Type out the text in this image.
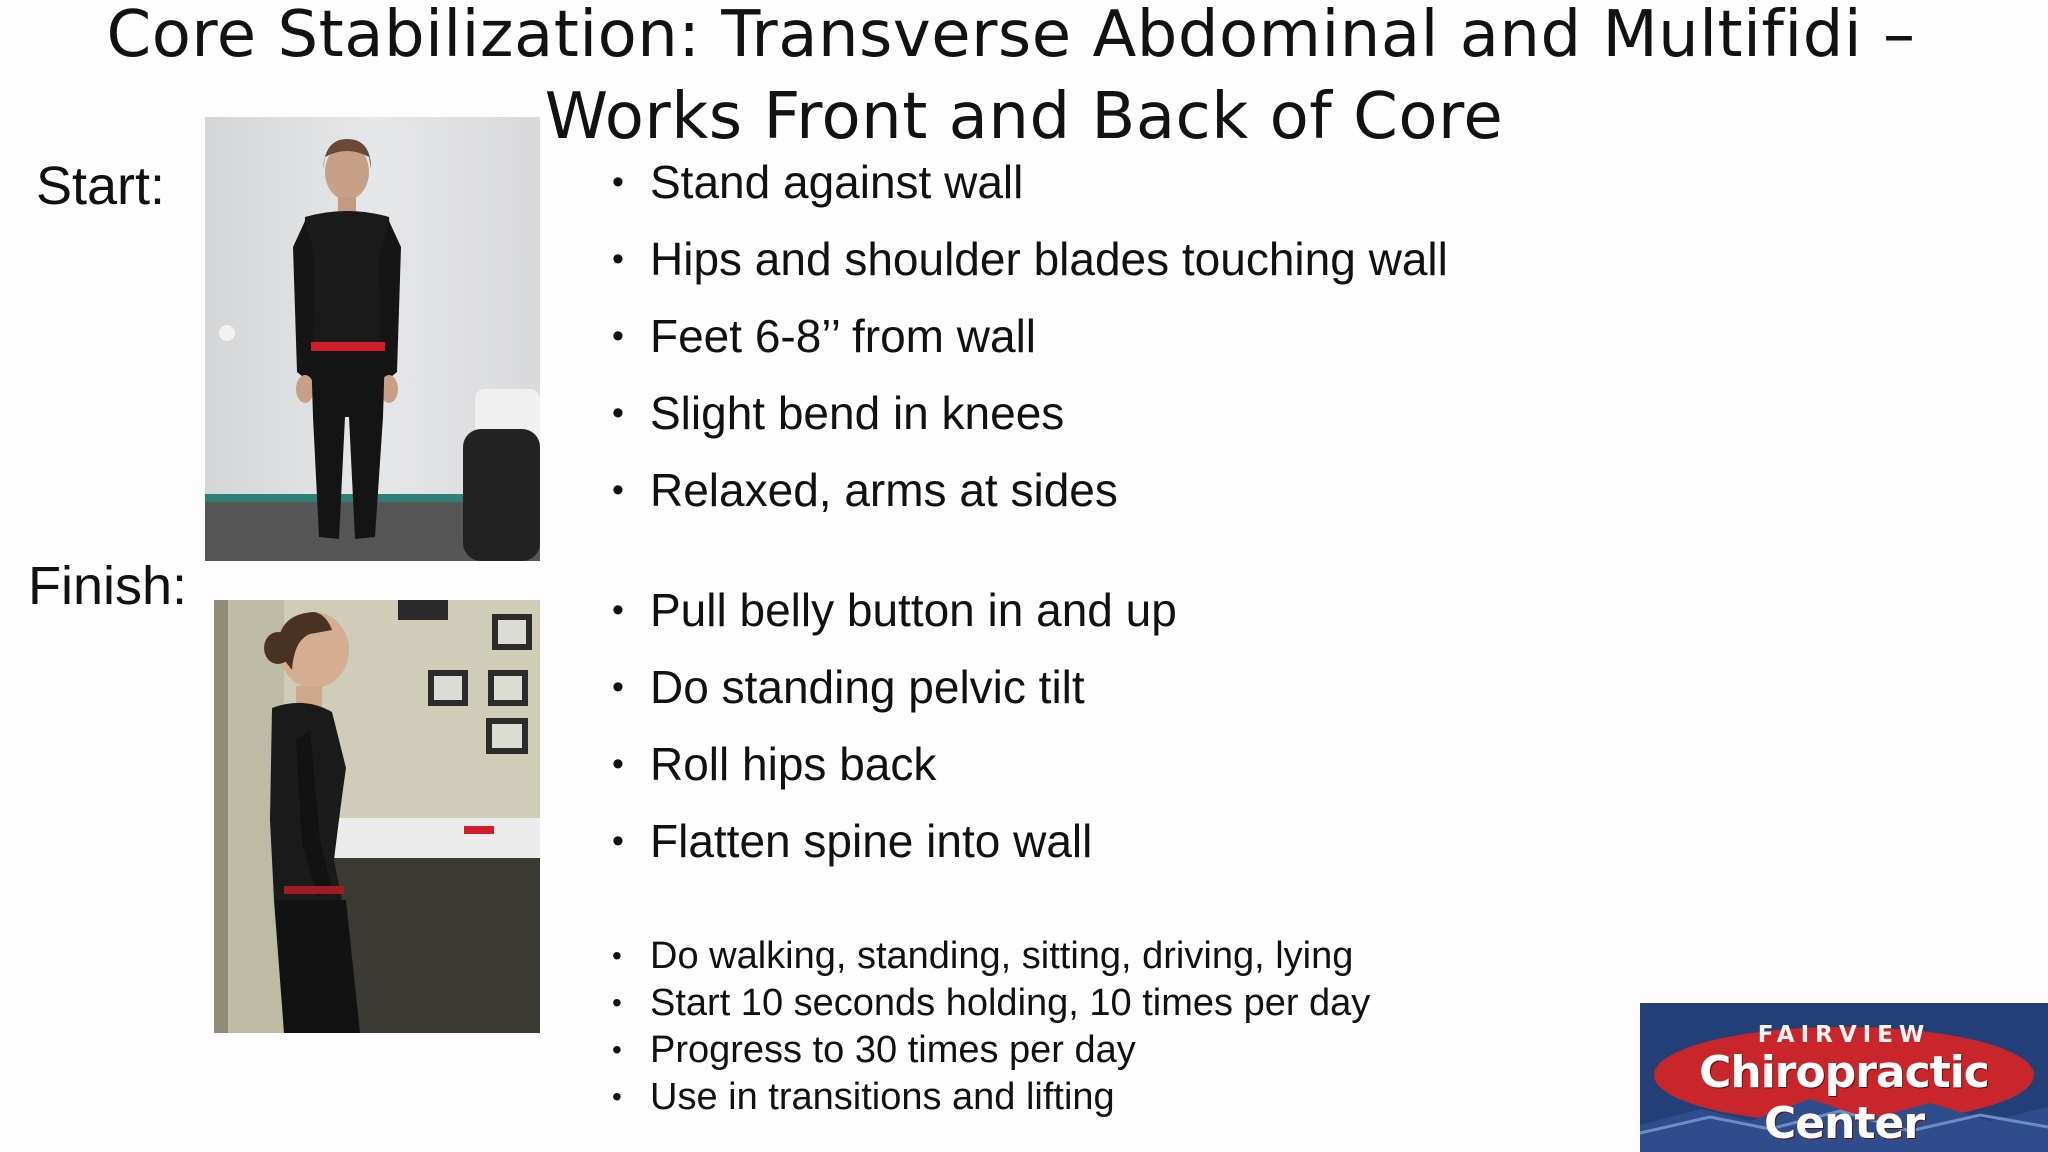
Core Stabilization: Transverse Abdominal and Multifidi –
Works Front and Back of Core
Start:
Finish:
• Stand against wall
• Hips and shoulder blades touching wall
• Feet 6-8’’ from wall
• Slight bend in knees
• Relaxed, arms at sides
• Pull belly button in and up
• Do standing pelvic tilt
• Roll hips back
• Flatten spine into wall
• Do walking, standing, sitting, driving, lying
• Start 10 seconds holding, 10 times per day
• Progress to 30 times per day
• Use in transitions and lifting
FAIRVIEW
Chiropractic Center
